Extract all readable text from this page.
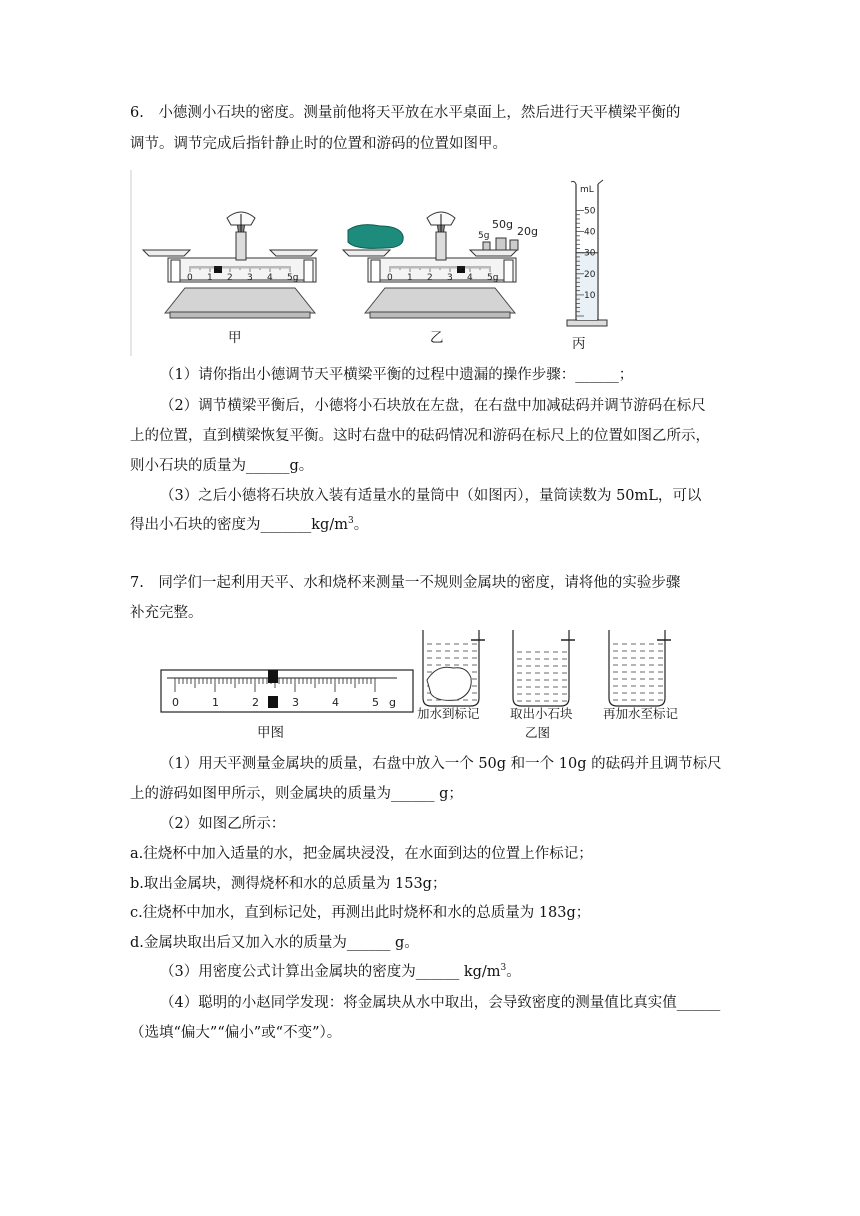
6.　小德测小石块的密度。测量前他将天平放在水平桌面上，然后进行天平横梁平衡的
调节。调节完成后指针静止时的位置和游码的位置如图甲。
甲
0 1 2 3 4 5g
50g
20g
5g
乙
0 1 2 3 4 5g
mL
丙
50
40
30
20
10
（1）请你指出小德调节天平横梁平衡的过程中遗漏的操作步骤：______；
（2）调节横梁平衡后，小德将小石块放在左盘，在右盘中加减砝码并调节游码在标尺
上的位置，直到横梁恢复平衡。这时右盘中的砝码情况和游码在标尺上的位置如图乙所示，
则小石块的质量为______g。
（3）之后小德将石块放入装有适量水的量筒中（如图丙），量筒读数为 50mL，可以
得出小石块的密度为$\_\_\_\_\_\_\_kg/m^3$。
7.　同学们一起利用天平、水和烧杯来测量一不规则金属块的密度，请将他的实验步骤
补充完整。
甲图
0	1	2	3	4	5 g
加水到标记 取出小石块
乙图
再加水至标记
（1）用天平测量金属块的质量，右盘中放入一个 50g 和一个 10g 的砝码并且调节标尺
上的游码如图甲所示，则金属块的质量为______ g；
（2）如图乙所示：
a.往烧杯中加入适量的水，把金属块浸没，在水面到达的位置上作标记；
b.取出金属块，测得烧杯和水的总质量为 153g；
c.往烧杯中加水，直到标记处，再测出此时烧杯和水的总质量为 183g；
d.金属块取出后又加入水的质量为______ g。
（3）用密度公式计算出金属块的密度为______ $kg/m^3$。
（4）聪明的小赵同学发现：将金属块从水中取出，会导致密度的测量值比真实值______
（选填“偏大”“偏小”或“不变”）。
